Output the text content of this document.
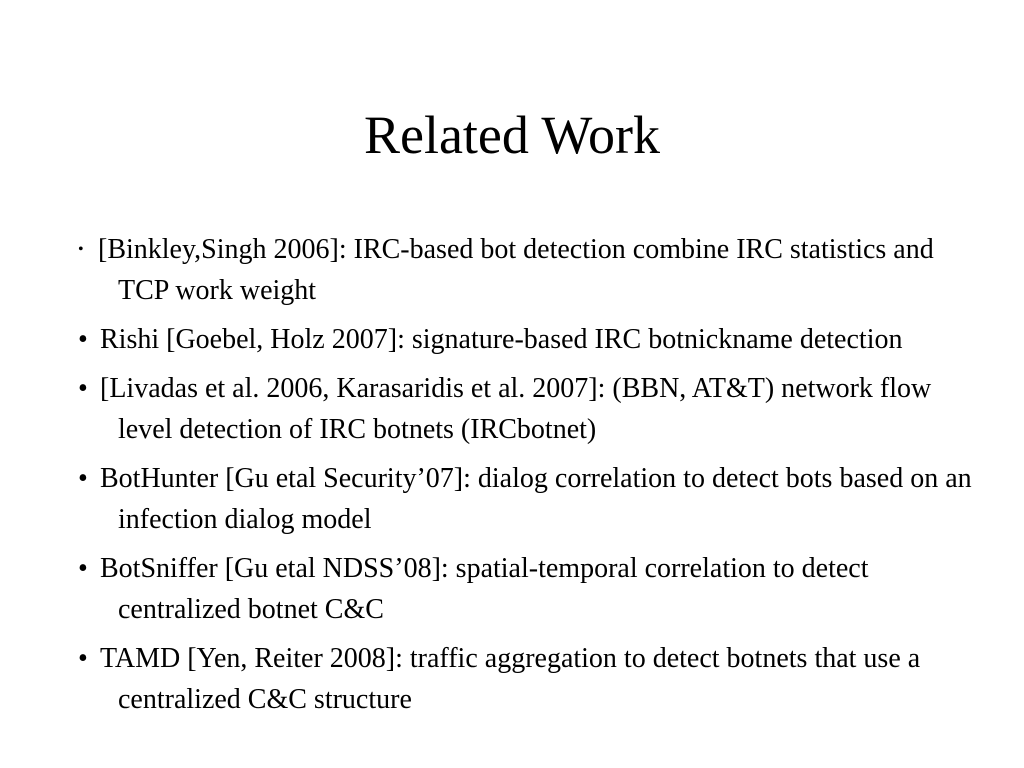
Related Work
• [Binkley,Singh 2006]: IRC-based bot detection combine IRC statistics and TCP work weight
• Rishi [Goebel, Holz 2007]: signature-based IRC botnickname detection
• [Livadas et al. 2006, Karasaridis et al. 2007]: (BBN, AT&T) network flow level detection of IRC botnets (IRCbotnet)
• BotHunter [Gu etal Security’07]: dialog correlation to detect bots based on an infection dialog model
• BotSniffer [Gu etal NDSS’08]: spatial-temporal correlation to detect centralized botnet C&C
• TAMD [Yen, Reiter 2008]: traffic aggregation to detect botnets that use a centralized C&C structure
